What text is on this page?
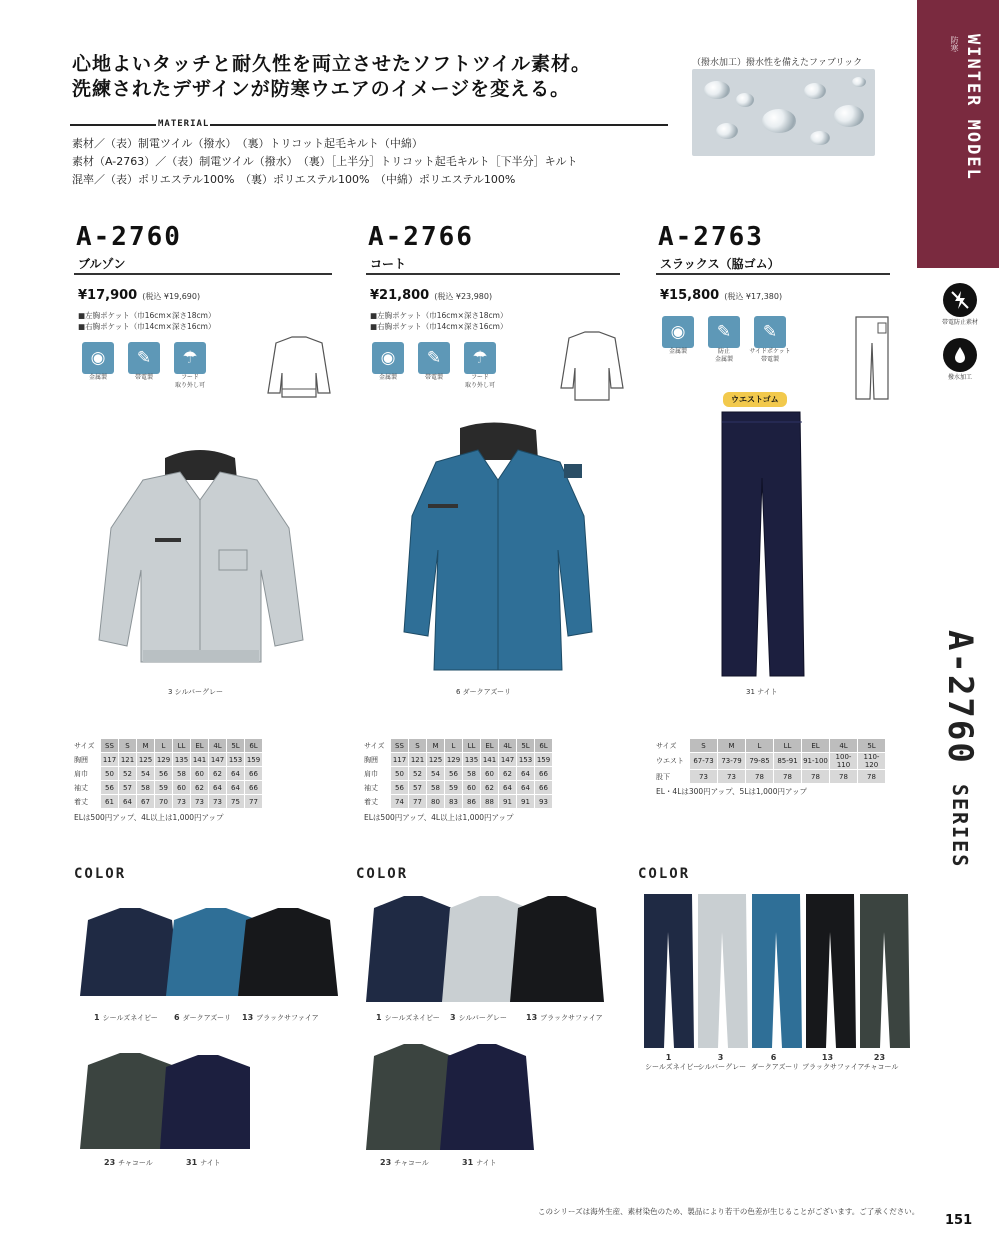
心地よいタッチと耐久性を両立させたソフトツイル素材。
洗練されたデザインが防寒ウエアのイメージを変える。
MATERIAL
素材／（表）制電ツイル（撥水）　（裏）トリコット起毛キルト（中綿）
素材（A-2763）／（表）制電ツイル（撥水）　（裏）［上半分］トリコット起毛キルト［下半分］キルト
混率／（表）ポリエステル100%　（裏）ポリエステル100%　（中綿）ポリエステル100%
（撥水加工）撥水性を備えたファブリック
防寒 WINTER MODEL
帯電防止素材
撥水加工
A-2760 SERIES
A-2760
ブルゾン
¥17,900 (税込 ¥19,690)
■左胸ポケット（巾16cm×深さ18cm）
■右胸ポケット（巾14cm×深さ16cm）
◉
金属製
✎
帯電製
☂
フード
取り外し可
3 シルバーグレー
サイズ	SS	S	M	L	LL	EL	4L	5L	6L
胸囲	117	121	125	129	135	141	147	153	159
肩巾	50	52	54	56	58	60	62	64	66
袖丈	56	57	58	59	60	62	64	64	66
着丈	61	64	67	70	73	73	73	75	77
ELは500円アップ、4L以上は1,000円アップ
A-2766
コート
¥21,800 (税込 ¥23,980)
■左胸ポケット（巾16cm×深さ18cm）
■右胸ポケット（巾14cm×深さ16cm）
◉
金属製
✎
帯電製
☂
フード
取り外し可
6 ダークアズーリ
サイズ	SS	S	M	L	LL	EL	4L	5L	6L
胸囲	117	121	125	129	135	141	147	153	159
肩巾	50	52	54	56	58	60	62	64	66
袖丈	56	57	58	59	60	62	64	64	66
着丈	74	77	80	83	86	88	91	91	93
ELは500円アップ、4L以上は1,000円アップ
A-2763
スラックス（脇ゴム）
¥15,800 (税込 ¥17,380)
◉
金属製
✎
防止
金属製
✎
サイドポケット
帯電製
ウエストゴム
31 ナイト
サイズ	S	M	L	LL	EL	4L	5L
ウエスト	67-73	73-79	79-85	85-91	91-100	100-110	110-120
股下	73	73	78	78	78	78	78
EL・4Lは300円アップ、5Lは1,000円アップ
COLOR	COLOR	COLOR
1 シールズネイビー 6 ダークアズーリ 13 ブラックサファイア
23 チャコール	31 ナイト
1 シールズネイビー 3 シルバーグレー 13 ブラックサファイア
23 チャコール	31 ナイト
1
シールズネイビー
3
シルバーグレー
6
ダークアズーリ
13
ブラックサファイア
23
チャコール
このシリーズは海外生産、素材染色のため、製品により若干の色差が生じることがございます。ご了承ください。
151
